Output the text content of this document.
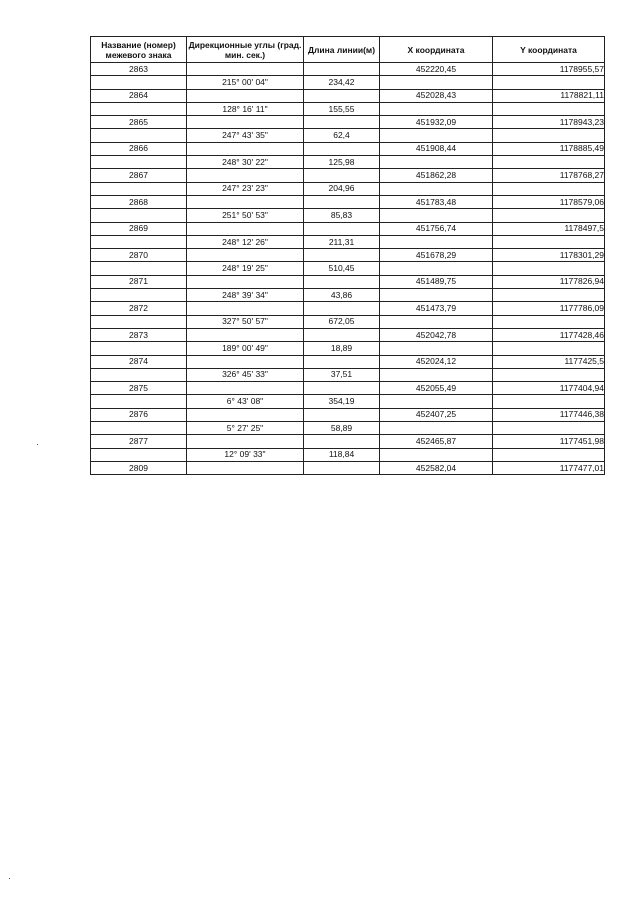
Название (номер) межевого знака	Дирекционные углы (град. мин. сек.)	Длина линии(м)	X координата	Y координата
2863			452220,45	1178955,57
	215° 00' 04"	234,42		
2864			452028,43	1178821,11
	128° 16' 11"	155,55		
2865			451932,09	1178943,23
	247° 43' 35"	62,4		
2866			451908,44	1178885,49
	248° 30' 22"	125,98		
2867			451862,28	1178768,27
	247° 23' 23"	204,96		
2868			451783,48	1178579,06
	251° 50' 53"	85,83		
2869			451756,74	1178497,5
	248° 12' 26"	211,31		
2870			451678,29	1178301,29
	248° 19' 25"	510,45		
2871			451489,75	1177826,94
	248° 39' 34"	43,86		
2872			451473,79	1177786,09
	327° 50' 57"	672,05		
2873			452042,78	1177428,46
	189° 00' 49"	18,89		
2874			452024,12	1177425,5
	326° 45' 33"	37,51		
2875			452055,49	1177404,94
	6° 43' 08"	354,19		
2876			452407,25	1177446,38
	5° 27' 25"	58,89		
2877			452465,87	1177451,98
	12° 09' 33"	118,84		
2809			452582,04	1177477,01
